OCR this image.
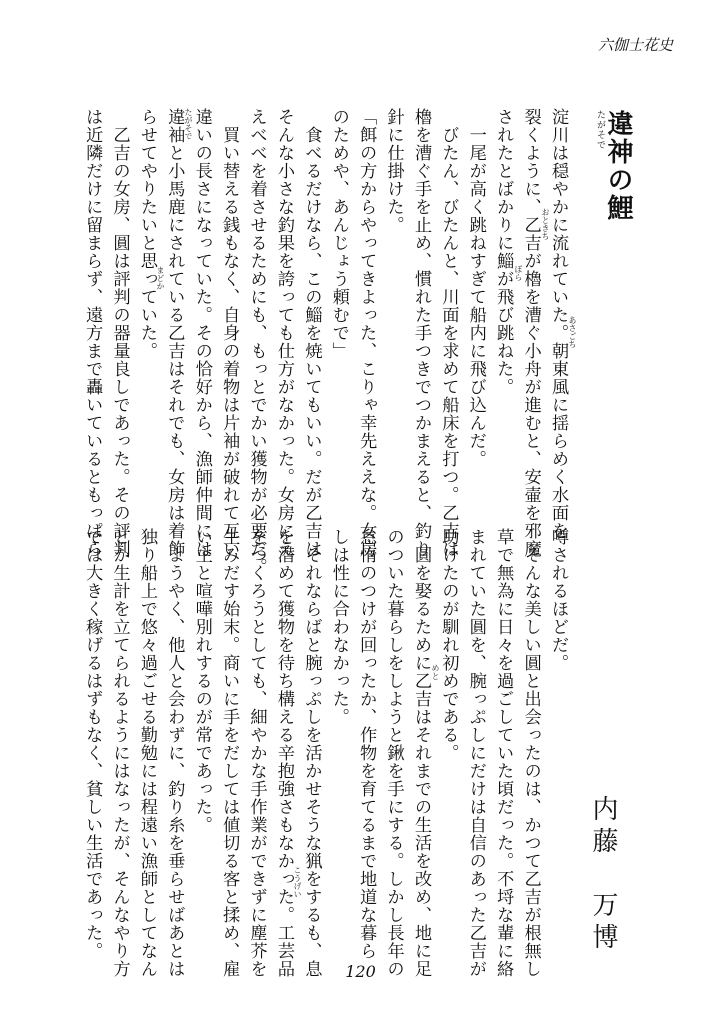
六伽士花史
たがそで
違神の鯉
内藤　万博

淀川は穏やかに流れていた。朝東風に揺らめく水面を

裂くように、乙吉が櫓を漕ぐ小舟が進むと、安壷を邪魔

されたとばかりに鯔が飛び跳ねた。

　一尾が高く跳ねすぎて船内に飛び込んだ。

　びたん、びたんと、川面を求めて船床を打つ。乙吉は

櫓を漕ぐ手を止め、慣れた手つきでつかまえると、釣り

針に仕掛けた。

「餌の方からやってきよった、こりゃ幸先ええな。女房

のためや、あんじょう頼むで」

　食べるだけなら、この鯔を焼いてもいい。だが乙吉は

そんな小さな釣果を誇っても仕方がなかった。女房にえ

えべべを着させるためにも、もっとでかい獲物が必要だ。

　買い替える銭もなく、自身の着物は片袖が破れて互い

違いの長さになっていた。その恰好から、漁師仲間には

違袖と小馬鹿にされている乙吉はそれでも、女房は着飾

らせてやりたいと思っていた。

　乙吉の女房、圓は評判の器量良しであった。その評判

は近隣だけに留まらず、遠方まで轟いているともっぱら

噂されるほどだ。

　そんな美しい圓と出会ったのは、かつて乙吉が根無し

草で無為に日々を過ごしていた頃だった。不埒な輩に絡

まれていた圓を、腕っぷしにだけは自信のあった乙吉が

助けたのが馴れ初めである。

　圓を娶るために乙吉はそれまでの生活を改め、地に足

のついた暮らしをしようと鍬を手にする。しかし長年の

怠惰のつけが回ったか、作物を育てるまで地道な暮ら

しは性に合わなかった。

　それならばと腕っぷしを活かせそうな猟をするも、息

を潜めて獲物を待ち構える辛抱強さもなかった。工芸品

をつくろうとしても、細やかな手作業ができずに塵芥を

生みだす始末。商いに手をだしては値切る客と揉め、雇

い主と喧嘩別れするのが常であった。

　ようやく、他人と会わずに、釣り糸を垂らせばあとは

独り船上で悠々過ごせる勤勉には程遠い漁師としてなん

とか生計を立てられるようにはなったが、そんなやり方

では大きく稼げるはずもなく、貧しい生活であった。

あさごち
おときち
ぼら
たがそで
まどか
めと
こうげい
120
